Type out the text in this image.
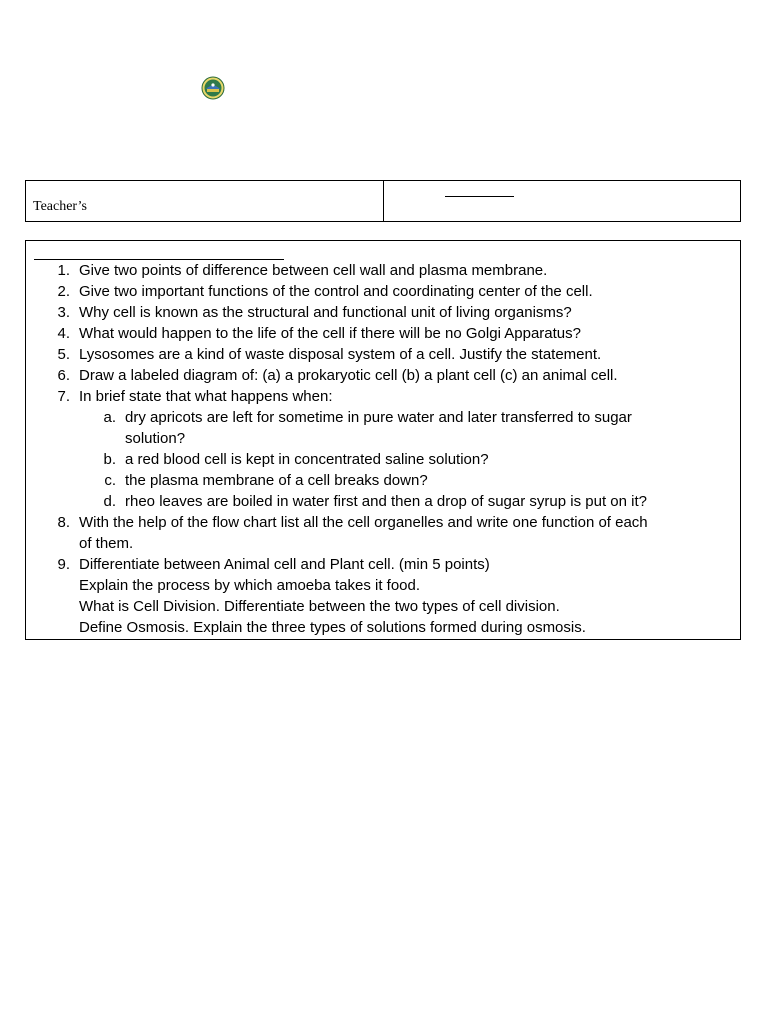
Teacher’s
1. Give two points of difference between cell wall and plasma membrane.
2. Give two important functions of the control and coordinating center of the cell.
3. Why cell is known as the structural and functional unit of living organisms?
4. What would happen to the life of the cell if there will be no Golgi Apparatus?
5. Lysosomes are a kind of waste disposal system of a cell. Justify the statement.
6. Draw a labeled diagram of: (a) a prokaryotic cell (b) a plant cell (c) an animal cell.
7. In brief state that what happens when:
a. dry apricots are left for sometime in pure water and later transferred to sugar
solution?
b. a red blood cell is kept in concentrated saline solution?
c. the plasma membrane of a cell breaks down?
d. rheo leaves are boiled in water first and then a drop of sugar syrup is put on it?
8. With the help of the flow chart list all the cell organelles and write one function of each
of them.
9. Differentiate between Animal cell and Plant cell. (min 5 points)
Explain the process by which amoeba takes it food.
What is Cell Division. Differentiate between the two types of cell division.
Define Osmosis. Explain the three types of solutions formed during osmosis.
